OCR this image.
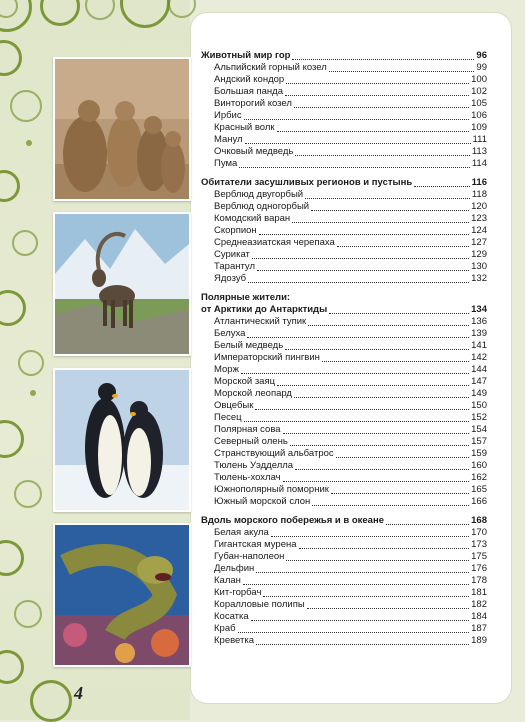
Животный мир гор	96
Альпийский горный козел	99
Андский кондор	100
Большая панда	102
Винторогий козел	105
Ирбис	106
Красный волк	109
Манул	111
Очковый медведь	113
Пума	114
Обитатели засушливых регионов и пустынь	116
Верблюд двугорбый	118
Верблюд одногорбый	120
Комодский варан	123
Скорпион	124
Среднеазиатская черепаха	127
Сурикат	129
Тарантул	130
Ядозуб	132
Полярные жители:
от Арктики до Антарктиды	134
Атлантический тупик	136
Белуха	139
Белый медведь	141
Императорский пингвин	142
Морж	144
Морской заяц	147
Морской леопард	149
Овцебык	150
Песец	152
Полярная сова	154
Северный олень	157
Странствующий альбатрос	159
Тюлень Уэдделла	160
Тюлень-хохлач	162
Южнополярный поморник	165
Южный морской слон	166
Вдоль морского побережья и в океане	168
Белая акула	170
Гигантская мурена	173
Губан-наполеон	175
Дельфин	176
Калан	178
Кит-горбач	181
Коралловые полипы	182
Косатка	184
Краб	187
Креветка	189
4
